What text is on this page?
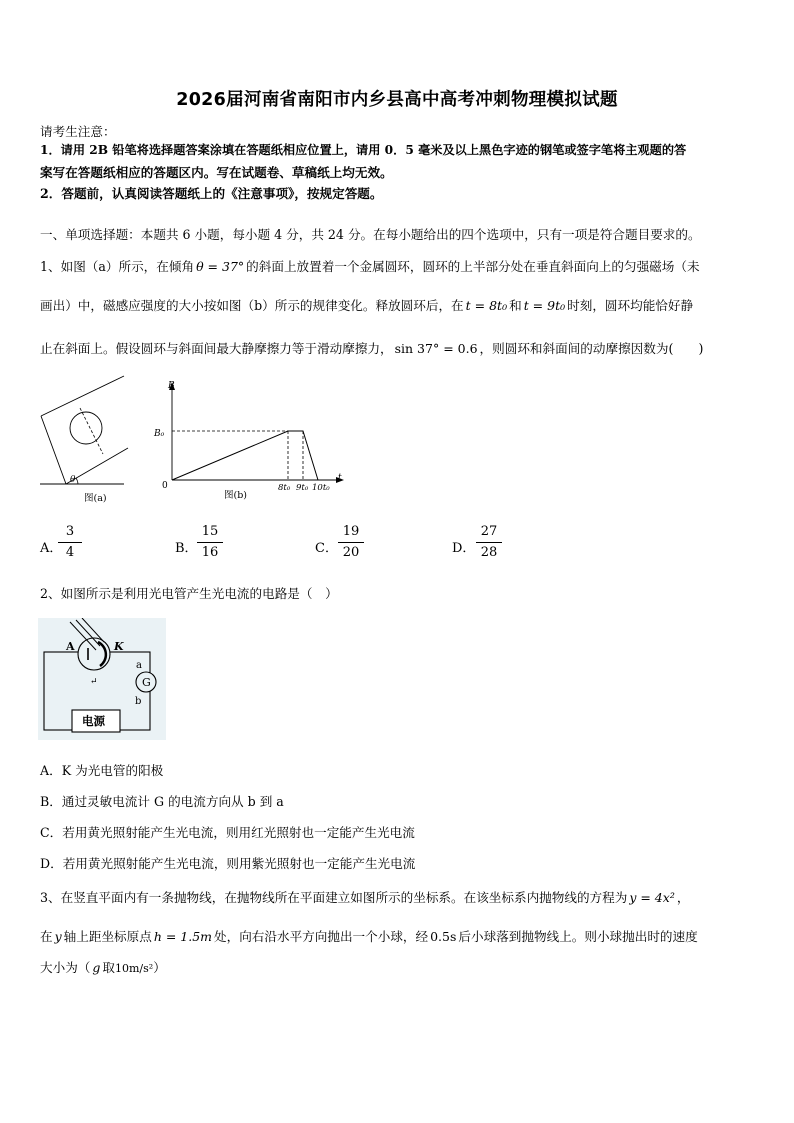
2026届河南省南阳市内乡县高中高考冲刺物理模拟试题
请考生注意：
1．请用 2B 铅笔将选择题答案涂填在答题纸相应位置上，请用 0．5 毫米及以上黑色字迹的钢笔或签字笔将主观题的答
案写在答题纸相应的答题区内。写在试题卷、草稿纸上均无效。
2．答题前，认真阅读答题纸上的《注意事项》，按规定答题。
一、单项选择题：本题共 6 小题，每小题 4 分，共 24 分。在每小题给出的四个选项中，只有一项是符合题目要求的。
1、如图（a）所示，在倾角 θ = 37° 的斜面上放置着一个金属圆环，圆环的上半部分处在垂直斜面向上的匀强磁场（未
画出）中，磁感应强度的大小按如图（b）所示的规律变化。释放圆环后，在 t = 8t₀ 和 t = 9t₀ 时刻，圆环均能恰好静
止在斜面上。假设圆环与斜面间最大静摩擦力等于滑动摩擦力， sin 37° = 0.6 ，则圆环和斜面间的动摩擦因数为(　　)
θ
图(a)
B
t
B₀
0	8t₀ 9t₀ 10t₀
图(b)
A．
3
4	B．
15
16	C．
19
20	D．
27
28
2、如图所示是利用光电管产生光电流的电路是（　）
G
A	K
a
b
↵
电源
A．K 为光电管的阳极
B．通过灵敏电流计 G 的电流方向从 b 到 a
C．若用黄光照射能产生光电流，则用红光照射也一定能产生光电流
D．若用黄光照射能产生光电流，则用紫光照射也一定能产生光电流
3、在竖直平面内有一条抛物线，在抛物线所在平面建立如图所示的坐标系。在该坐标系内抛物线的方程为 y = 4x² ，
在 y 轴上距坐标原点 h = 1.5m 处，向右沿水平方向抛出一个小球，经 0.5s 后小球落到抛物线上。则小球抛出时的速度
大小为（ g 取10m/s²）
